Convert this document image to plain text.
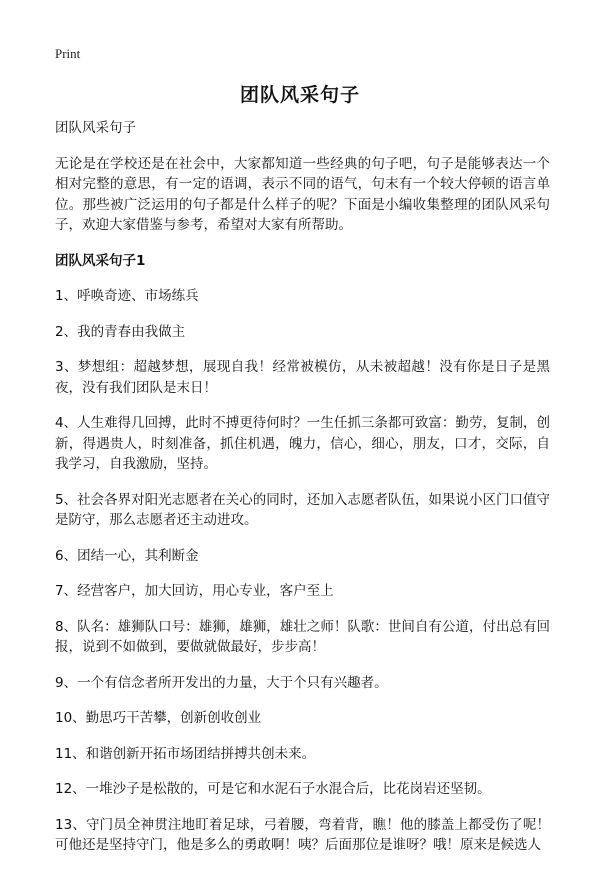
Print
团队风采句子

团队风采句子

无论是在学校还是在社会中，大家都知道一些经典的句子吧，句子是能够表达一个相对完整的意思，有一定的语调，表示不同的语气，句末有一个较大停顿的语言单位。那些被广泛运用的句子都是什么样子的呢？下面是小编收集整理的团队风采句子，欢迎大家借鉴与参考，希望对大家有所帮助。

团队风采句子1

1、呼唤奇迹、市场练兵

2、我的青春由我做主

3、梦想组：超越梦想，展现自我！经常被模仿，从未被超越！没有你是日子是黑夜，没有我们团队是末日！

4、人生难得几回搏，此时不搏更待何时？一生任抓三条都可致富：勤劳，复制，创新，得遇贵人，时刻准备，抓住机遇，魄力，信心，细心，朋友，口才，交际，自我学习，自我激励，坚持。

5、社会各界对阳光志愿者在关心的同时，还加入志愿者队伍，如果说小区门口值守是防守，那么志愿者还主动进攻。

6、团结一心，其利断金

7、经营客户，加大回访，用心专业，客户至上

8、队名：雄狮队口号：雄狮，雄狮，雄壮之师！队歌：世间自有公道，付出总有回报，说到不如做到，要做就做最好，步步高！

9、一个有信念者所开发出的力量，大于个只有兴趣者。

10、勤思巧干苦攀，创新创收创业

11、和谐创新开拓市场团结拼搏共创未来。

12、一堆沙子是松散的，可是它和水泥石子水混合后，比花岗岩还坚韧。

13、守门员全神贯注地盯着足球，弓着腰，弯着背，瞧！他的膝盖上都受伤了呢！可他还是坚持守门，他是多么的勇敢啊！咦？后面那位是谁呀？哦！原来是候选人
